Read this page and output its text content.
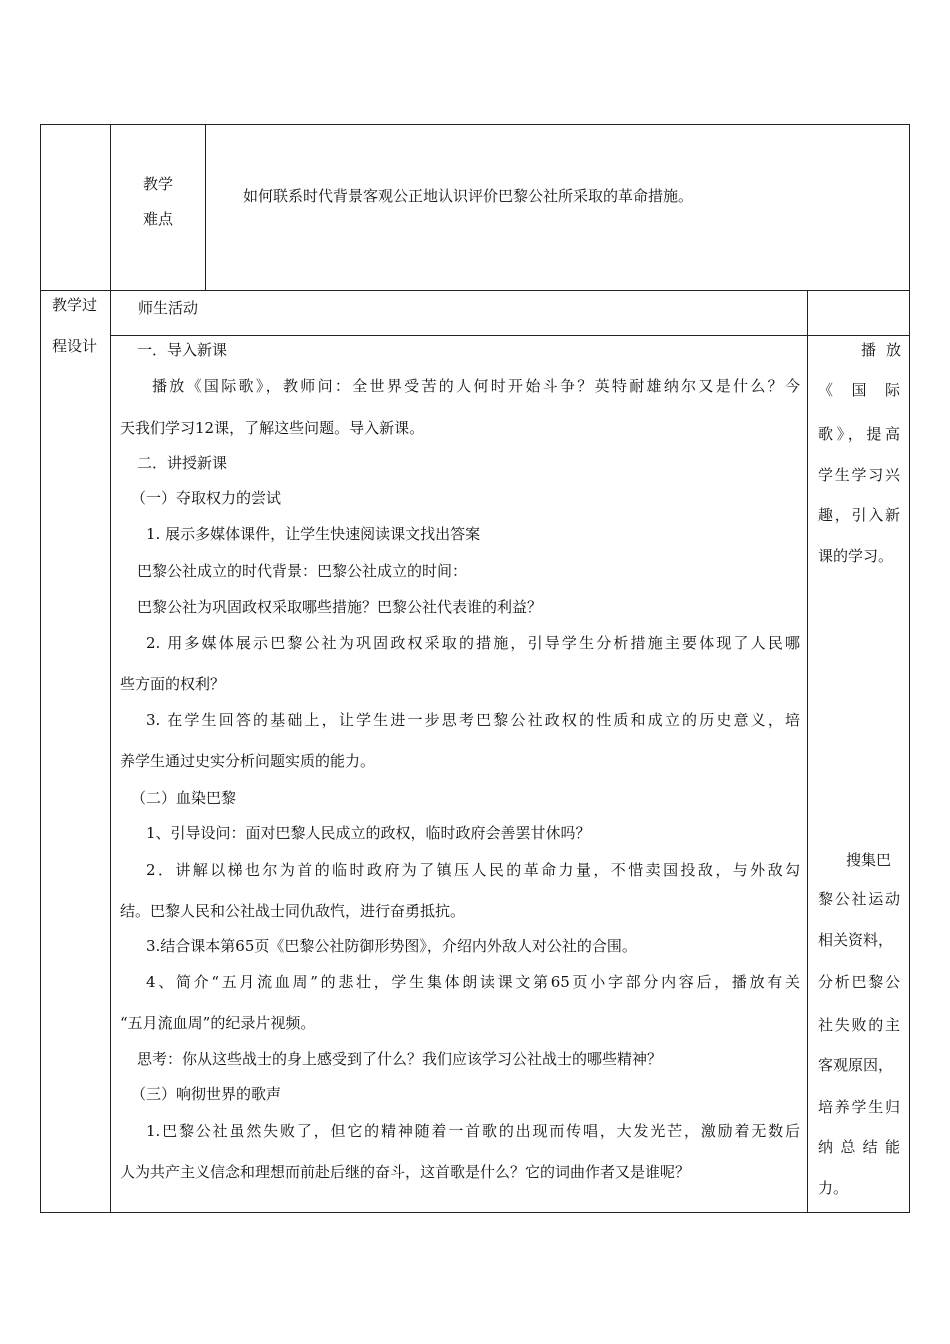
教学
难点
如何联系时代背景客观公正地认识评价巴黎公社所采取的革命措施。
教学过
程设计
师生活动
一．导入新课
播放《国际歌》，教师问：全世界受苦的人何时开始斗争？英特耐雄纳尔又是什么？今
天我们学习12课，了解这些问题。导入新课。
二．讲授新课
（一）夺取权力的尝试
1. 展示多媒体课件，让学生快速阅读课文找出答案
巴黎公社成立的时代背景：巴黎公社成立的时间：
巴黎公社为巩固政权采取哪些措施？巴黎公社代表谁的利益？
2. 用多媒体展示巴黎公社为巩固政权采取的措施，引导学生分析措施主要体现了人民哪
些方面的权利？
3. 在学生回答的基础上，让学生进一步思考巴黎公社政权的性质和成立的历史意义，培
养学生通过史实分析问题实质的能力。
（二）血染巴黎
1、引导设问：面对巴黎人民成立的政权，临时政府会善罢甘休吗？
2．讲解以梯也尔为首的临时政府为了镇压人民的革命力量，不惜卖国投敌，与外敌勾
结。巴黎人民和公社战士同仇敌忾，进行奋勇抵抗。
3.结合课本第65页《巴黎公社防御形势图》，介绍内外敌人对公社的合围。
4、简介“五月流血周”的悲壮，学生集体朗读课文第65页小字部分内容后，播放有关
“五月流血周”的纪录片视频。
思考：你从这些战士的身上感受到了什么？我们应该学习公社战士的哪些精神？
（三）响彻世界的歌声
1.巴黎公社虽然失败了，但它的精神随着一首歌的出现而传唱，大发光芒，激励着无数后
人为共产主义信念和理想而前赴后继的奋斗，这首歌是什么？它的词曲作者又是谁呢？
播 放
《 国 际
歌》，提高
学生学习兴
趣，引入新
课的学习。
搜集巴
黎公社运动
相关资料，
分析巴黎公
社失败的主
客观原因，
培养学生归
纳 总 结 能
力。
